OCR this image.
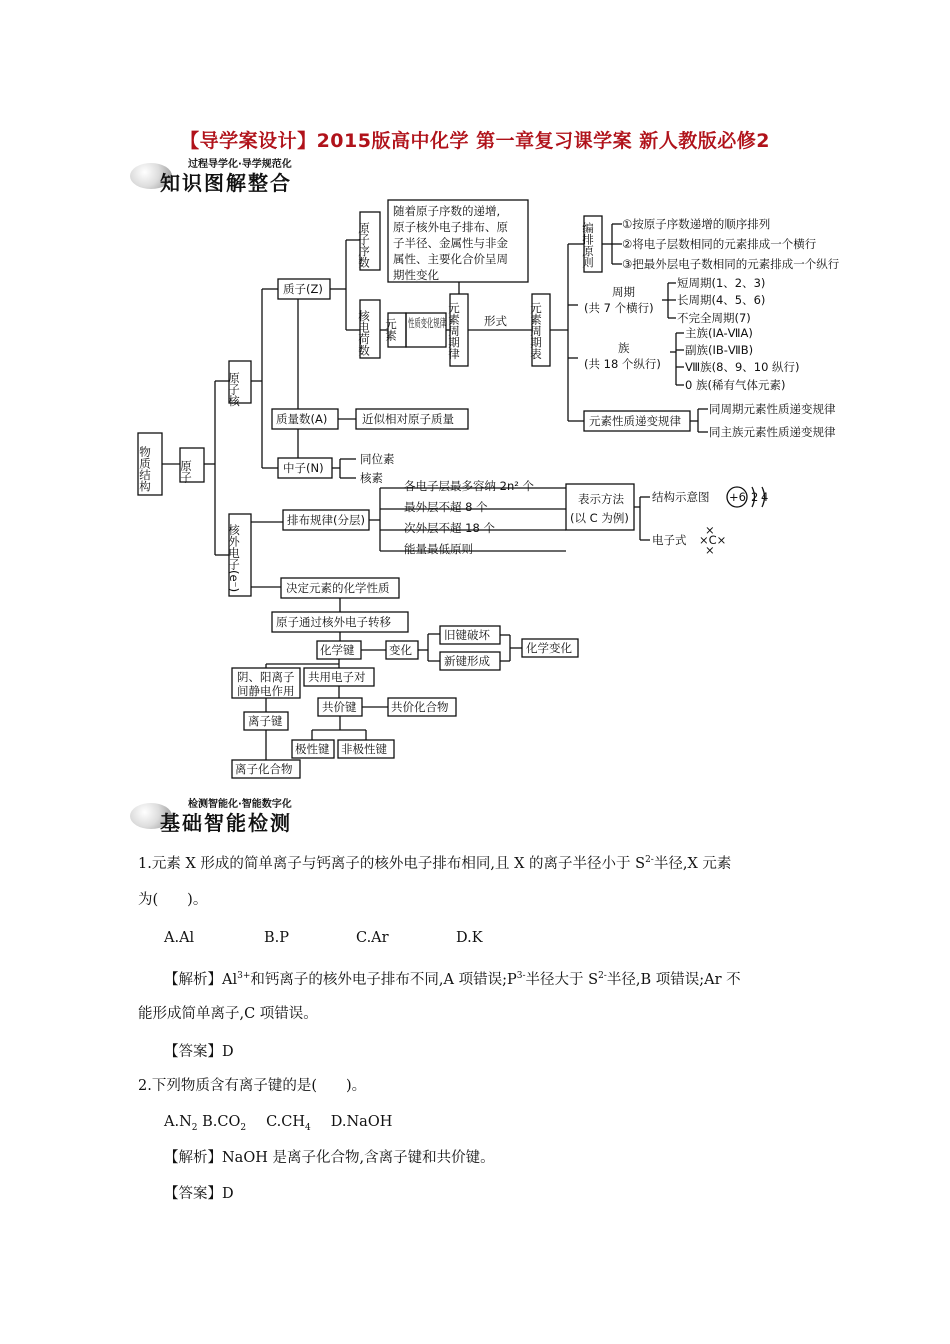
【导学案设计】2015版高中化学 第一章复习课学案 新人教版必修2
过程导学化·导学规范化
知识图解整合
物质结构 原子
原子核
核外电子(e⁻)
质子(Z)
质量数(A)	近似相对原子质量
中子(N)
同位素
核素
原子序数
核电荷数 元素 性质变化规律
随着原子序数的递增,
原子核外电子排布、原
子半径、金属性与非金
属性、主要化合价呈周
期性变化
元素周期律 形式 元素周期表
编排原则 ①按原子序数递增的顺序排列
②将电子层数相同的元素排成一个横行
③把最外层电子数相同的元素排成一个纵行
周期
(共 7 个横行)
短周期(1、2、3)
长周期(4、5、6)
不完全周期(7)
族
(共 18 个纵行)
主族(ⅠA-ⅦA)
副族(ⅠB-ⅦB)
Ⅷ族(8、9、10 纵行)
0 族(稀有气体元素)
元素性质递变规律
同周期元素性质递变规律
同主族元素性质递变规律
排布规律(分层)
各电子层最多容纳 2n² 个
最外层不超 8 个
次外层不超 18 个
能量最低原则
表示方法
(以 C 为例)
结构示意图 +6 2 4
电子式 ×C×
×
×
决定元素的化学性质
原子通过核外电子转移
化学键	变化
旧键破坏
新键形成
化学变化
阴、阳离子
间静电作用
共用电子对
离子键
共价键	共价化合物
极性键 非极性键
离子化合物
检测智能化·智能数字化
基础智能检测
1.元素 X 形成的简单离子与钙离子的核外电子排布相同,且 X 的离子半径小于 $S^{2-}$半径,X 元素
为(　　)。
A.Al	B.P	C.Ar	D.K
【解析】$Al^{3+}$和钙离子的核外电子排布不同,A 项错误$;P^{3-}$半径大于 $S^{2-}$半径,B 项错误;Ar 不
能形成简单离子,C 项错误。
【答案】D
2.下列物质含有离子键的是(　　)。
$A.N_2$ $B.CO_2$ $C.CH_4$ D.NaOH
【解析】NaOH 是离子化合物,含离子键和共价键。
【答案】D
